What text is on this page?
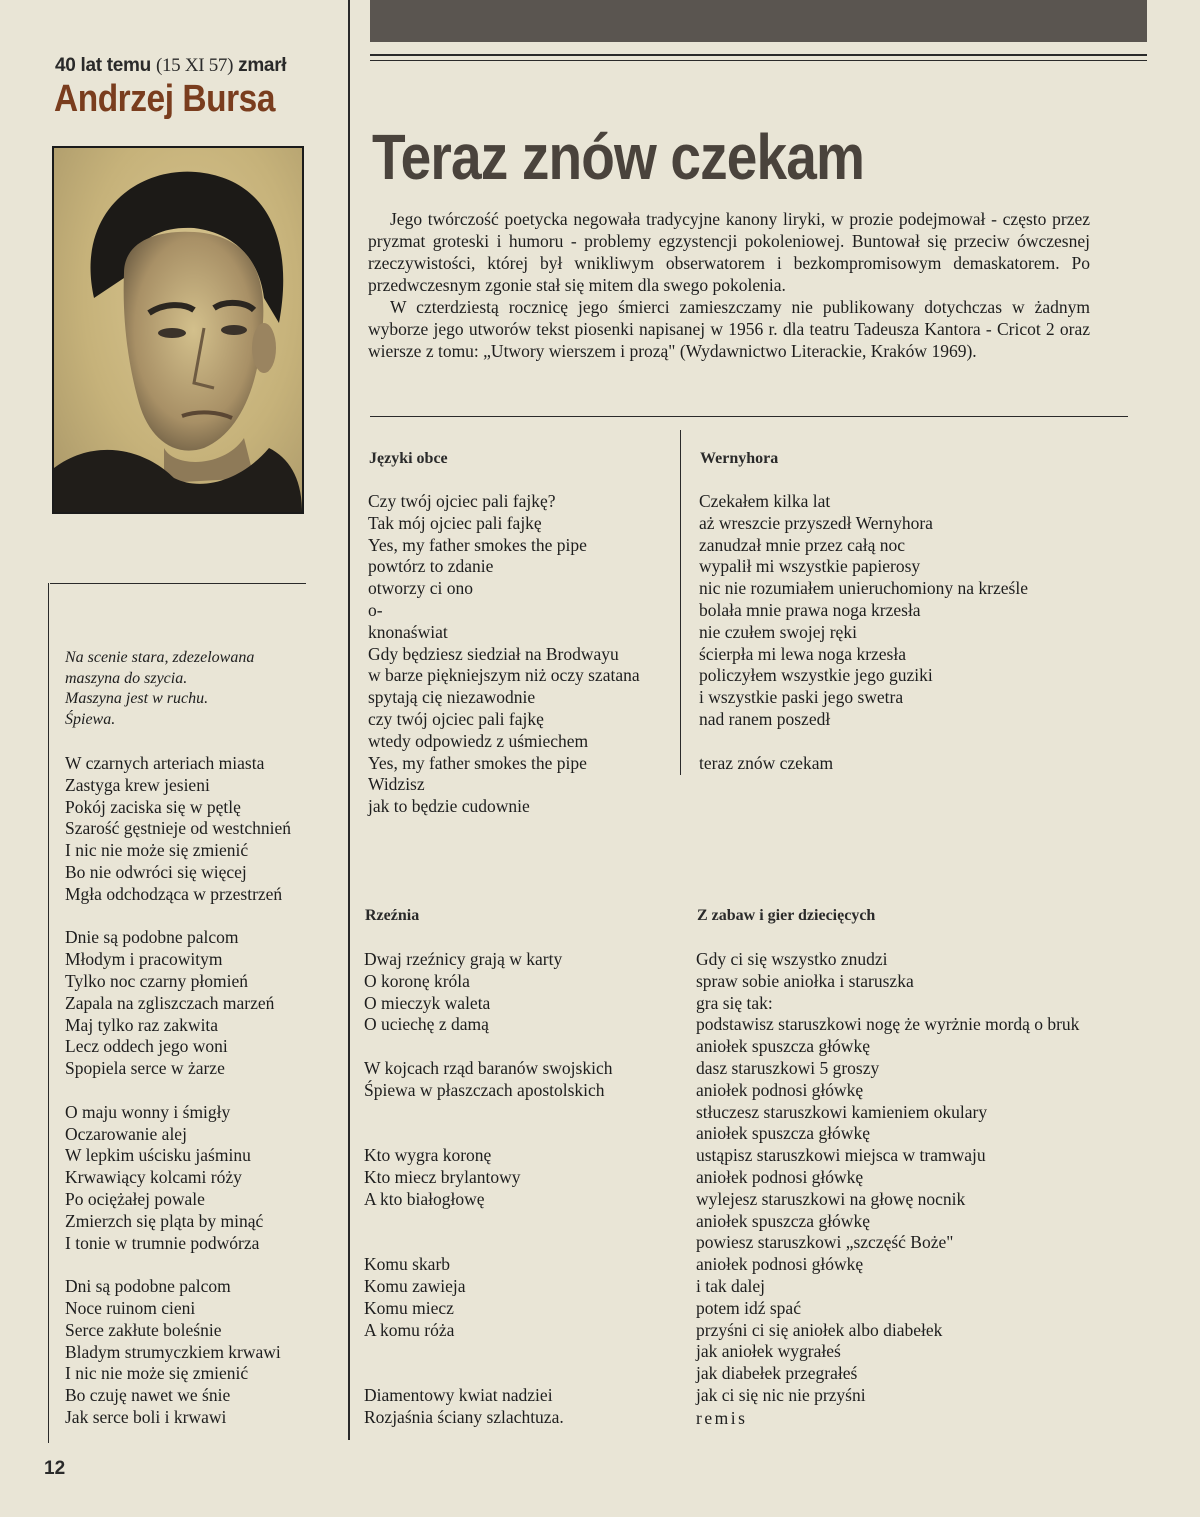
40 lat temu (15 XI 57) zmarł
Andrzej Bursa
Teraz znów czekam

Jego twórczość poetycka negowała tradycyjne kanony liryki, w prozie podejmował - często przez pryzmat groteski i humoru - problemy egzystencji pokoleniowej. Buntował się przeciw ówczesnej rzeczywistości, której był wnikliwym obserwatorem i bezkompromisowym demaskatorem. Po przedwczesnym zgonie stał się mitem dla swego pokolenia.

W czterdziestą rocznicę jego śmierci zamieszczamy nie publikowany dotychczas w żadnym wyborze jego utworów tekst piosenki napisanej w 1956 r. dla teatru Tadeusza Kantora - Cricot 2 oraz wiersze z tomu: „Utwory wierszem i prozą" (Wydawnictwo Literackie, Kraków 1969).

Na scenie stara, zdezelowana
maszyna do szycia.
Maszyna jest w ruchu.
Śpiewa.
W czarnych arteriach miasta
Zastyga krew jesieni
Pokój zaciska się w pętlę
Szarość gęstnieje od westchnień
I nic nie może się zmienić
Bo nie odwróci się więcej
Mgła odchodząca w przestrzeń

Dnie są podobne palcom
Młodym i pracowitym
Tylko noc czarny płomień
Zapala na zgliszczach marzeń
Maj tylko raz zakwita
Lecz oddech jego woni
Spopiela serce w żarze

O maju wonny i śmigły
Oczarowanie alej
W lepkim uścisku jaśminu
Krwawiący kolcami róży
Po ociężałej powale
Zmierzch się pląta by minąć
I tonie w trumnie podwórza

Dni są podobne palcom
Noce ruinom cieni
Serce zakłute boleśnie
Bladym strumyczkiem krwawi
I nic nie może się zmienić
Bo czuję nawet we śnie
Jak serce boli i krwawi
Języki obce
Czy twój ojciec pali fajkę?
Tak mój ojciec pali fajkę
Yes, my father smokes the pipe
powtórz to zdanie
otworzy ci ono
o-
knonaświat
Gdy będziesz siedział na Brodwayu
w barze piękniejszym niż oczy szatana
spytają cię niezawodnie
czy twój ojciec pali fajkę
wtedy odpowiedz z uśmiechem
Yes, my father smokes the pipe
Widzisz
jak to będzie cudownie
Wernyhora
Czekałem kilka lat
aż wreszcie przyszedł Wernyhora
zanudzał mnie przez całą noc
wypalił mi wszystkie papierosy
nic nie rozumiałem unieruchomiony na krześle
bolała mnie prawa noga krzesła
nie czułem swojej ręki
ścierpła mi lewa noga krzesła
policzyłem wszystkie jego guziki
i wszystkie paski jego swetra
nad ranem poszedł

teraz znów czekam
Rzeźnia
Dwaj rzeźnicy grają w karty
O koronę króla
O mieczyk waleta
O uciechę z damą

W kojcach rząd baranów swojskich
Śpiewa w płaszczach apostolskich

Kto wygra koronę
Kto miecz brylantowy
A kto białogłowę

Komu skarb
Komu zawieja
Komu miecz
A komu róża

Diamentowy kwiat nadziei
Rozjaśnia ściany szlachtuza.
Z zabaw i gier dziecięcych
Gdy ci się wszystko znudzi
spraw sobie aniołka i staruszka
gra się tak:
podstawisz staruszkowi nogę że wyrżnie mordą o bruk
aniołek spuszcza główkę
dasz staruszkowi 5 groszy
aniołek podnosi główkę
stłuczesz staruszkowi kamieniem okulary
aniołek spuszcza główkę
ustąpisz staruszkowi miejsca w tramwaju
aniołek podnosi główkę
wylejesz staruszkowi na głowę nocnik
aniołek spuszcza główkę
powiesz staruszkowi „szczęść Boże"
aniołek podnosi główkę
i tak dalej
potem idź spać
przyśni ci się aniołek albo diabełek
jak aniołek wygrałeś
jak diabełek przegrałeś
jak ci się nic nie przyśni
remis
12
